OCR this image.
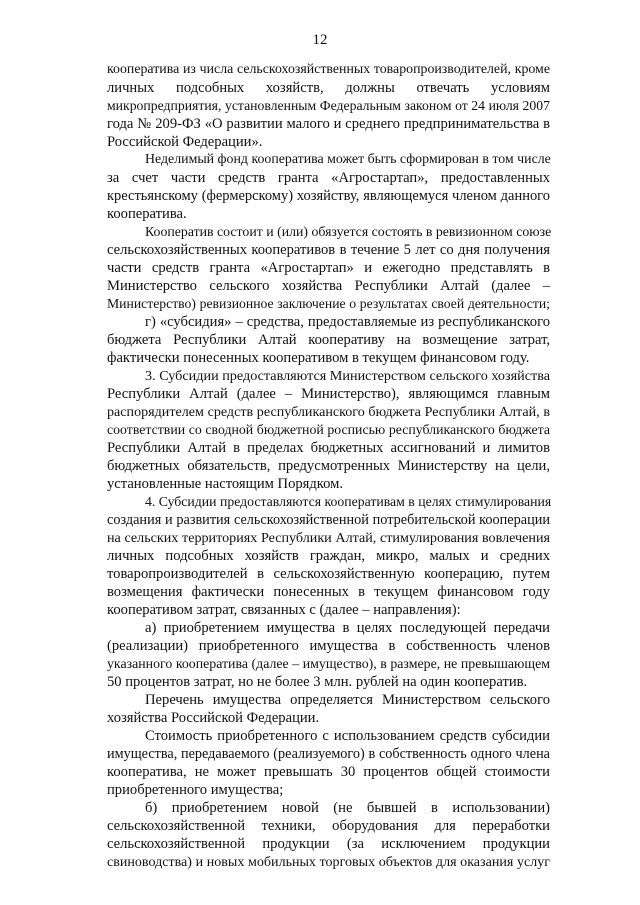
12
кооператива из числа сельскохозяйственных товаропроизводителей, кроме
личных подсобных хозяйств, должны отвечать условиям
микропредприятия, установленным Федеральным законом от 24 июля 2007
года № 209-ФЗ «О развитии малого и среднего предпринимательства в
Российской Федерации».
Неделимый фонд кооператива может быть сформирован в том числе
за счет части средств гранта «Агростартап», предоставленных
крестьянскому (фермерскому) хозяйству, являющемуся членом данного
кооператива.
Кооператив состоит и (или) обязуется состоять в ревизионном союзе
сельскохозяйственных кооперативов в течение 5 лет со дня получения
части средств гранта «Агростартап» и ежегодно представлять в
Министерство сельского хозяйства Республики Алтай (далее –
Министерство) ревизионное заключение о результатах своей деятельности;
г) «субсидия» – средства, предоставляемые из республиканского
бюджета Республики Алтай кооперативу на возмещение затрат,
фактически понесенных кооперативом в текущем финансовом году.
3. Субсидии предоставляются Министерством сельского хозяйства
Республики Алтай (далее – Министерство), являющимся главным
распорядителем средств республиканского бюджета Республики Алтай, в
соответствии со сводной бюджетной росписью республиканского бюджета
Республики Алтай в пределах бюджетных ассигнований и лимитов
бюджетных обязательств, предусмотренных Министерству на цели,
установленные настоящим Порядком.
4. Субсидии предоставляются кооперативам в целях стимулирования
создания и развития сельскохозяйственной потребительской кооперации
на сельских территориях Республики Алтай, стимулирования вовлечения
личных подсобных хозяйств граждан, микро, малых и средних
товаропроизводителей в сельскохозяйственную кооперацию, путем
возмещения фактически понесенных в текущем финансовом году
кооперативом затрат, связанных с (далее – направления):
а) приобретением имущества в целях последующей передачи
(реализации) приобретенного имущества в собственность членов
указанного кооператива (далее – имущество), в размере, не превышающем
50 процентов затрат, но не более 3 млн. рублей на один кооператив.
Перечень имущества определяется Министерством сельского
хозяйства Российской Федерации.
Стоимость приобретенного с использованием средств субсидии
имущества, передаваемого (реализуемого) в собственность одного члена
кооператива, не может превышать 30 процентов общей стоимости
приобретенного имущества;
б) приобретением новой (не бывшей в использовании)
сельскохозяйственной техники, оборудования для переработки
сельскохозяйственной продукции (за исключением продукции
свиноводства) и новых мобильных торговых объектов для оказания услуг
